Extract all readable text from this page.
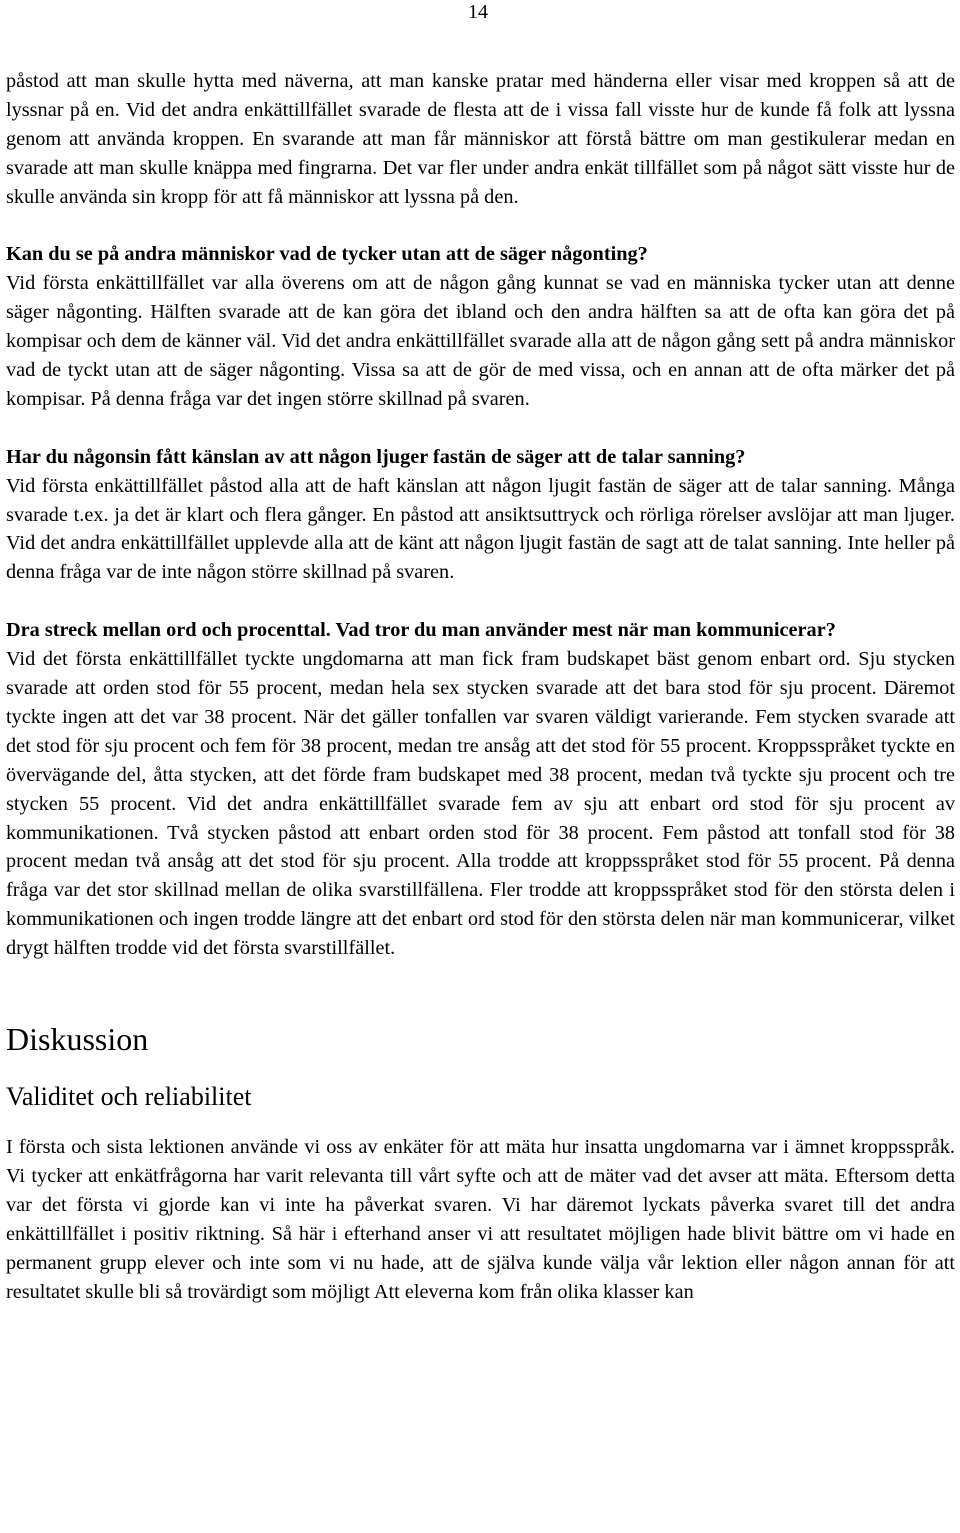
14

påstod att man skulle hytta med näverna, att man kanske pratar med händerna eller visar med kroppen så att de lyssnar på en. Vid det andra enkättillfället svarade de flesta att de i vissa fall visste hur de kunde få folk att lyssna genom att använda kroppen. En svarande att man får människor att förstå bättre om man gestikulerar medan en svarade att man skulle knäppa med fingrarna. Det var fler under andra enkät tillfället som på något sätt visste hur de skulle använda sin kropp för att få människor att lyssna på den.

Kan du se på andra människor vad de tycker utan att de säger någonting?

Vid första enkättillfället var alla överens om att de någon gång kunnat se vad en människa tycker utan att denne säger någonting. Hälften svarade att de kan göra det ibland och den andra hälften sa att de ofta kan göra det på kompisar och dem de känner väl. Vid det andra enkättillfället svarade alla att de någon gång sett på andra människor vad de tyckt utan att de säger någonting. Vissa sa att de gör de med vissa, och en annan att de ofta märker det på kompisar. På denna fråga var det ingen större skillnad på svaren.

Har du någonsin fått känslan av att någon ljuger fastän de säger att de talar sanning?

Vid första enkättillfället påstod alla att de haft känslan att någon ljugit fastän de säger att de talar sanning. Många svarade t.ex. ja det är klart och flera gånger. En påstod att ansiktsuttryck och rörliga rörelser avslöjar att man ljuger. Vid det andra enkättillfället upplevde alla att de känt att någon ljugit fastän de sagt att de talat sanning. Inte heller på denna fråga var de inte någon större skillnad på svaren.

Dra streck mellan ord och procenttal. Vad tror du man använder mest när man kommunicerar?

Vid det första enkättillfället tyckte ungdomarna att man fick fram budskapet bäst genom enbart ord. Sju stycken svarade att orden stod för 55 procent, medan hela sex stycken svarade att det bara stod för sju procent. Däremot tyckte ingen att det var 38 procent. När det gäller tonfallen var svaren väldigt varierande. Fem stycken svarade att det stod för sju procent och fem för 38 procent, medan tre ansåg att det stod för 55 procent. Kroppsspråket tyckte en övervägande del, åtta stycken, att det förde fram budskapet med 38 procent, medan två tyckte sju procent och tre stycken 55 procent. Vid det andra enkättillfället svarade fem av sju att enbart ord stod för sju procent av kommunikationen. Två stycken påstod att enbart orden stod för 38 procent. Fem påstod att tonfall stod för 38 procent medan två ansåg att det stod för sju procent. Alla trodde att kroppsspråket stod för 55 procent. På denna fråga var det stor skillnad mellan de olika svarstillfällena. Fler trodde att kroppsspråket stod för den största delen i kommunikationen och ingen trodde längre att det enbart ord stod för den största delen när man kommunicerar, vilket drygt hälften trodde vid det första svarstillfället.

Diskussion
Validitet och reliabilitet

I första och sista lektionen använde vi oss av enkäter för att mäta hur insatta ungdomarna var i ämnet kroppsspråk. Vi tycker att enkätfrågorna har varit relevanta till vårt syfte och att de mäter vad det avser att mäta. Eftersom detta var det första vi gjorde kan vi inte ha påverkat svaren. Vi har däremot lyckats påverka svaret till det andra enkättillfället i positiv riktning. Så här i efterhand anser vi att resultatet möjligen hade blivit bättre om vi hade en permanent grupp elever och inte som vi nu hade, att de själva kunde välja vår lektion eller någon annan för att resultatet skulle bli så trovärdigt som möjligt Att eleverna kom från olika klasser kan
